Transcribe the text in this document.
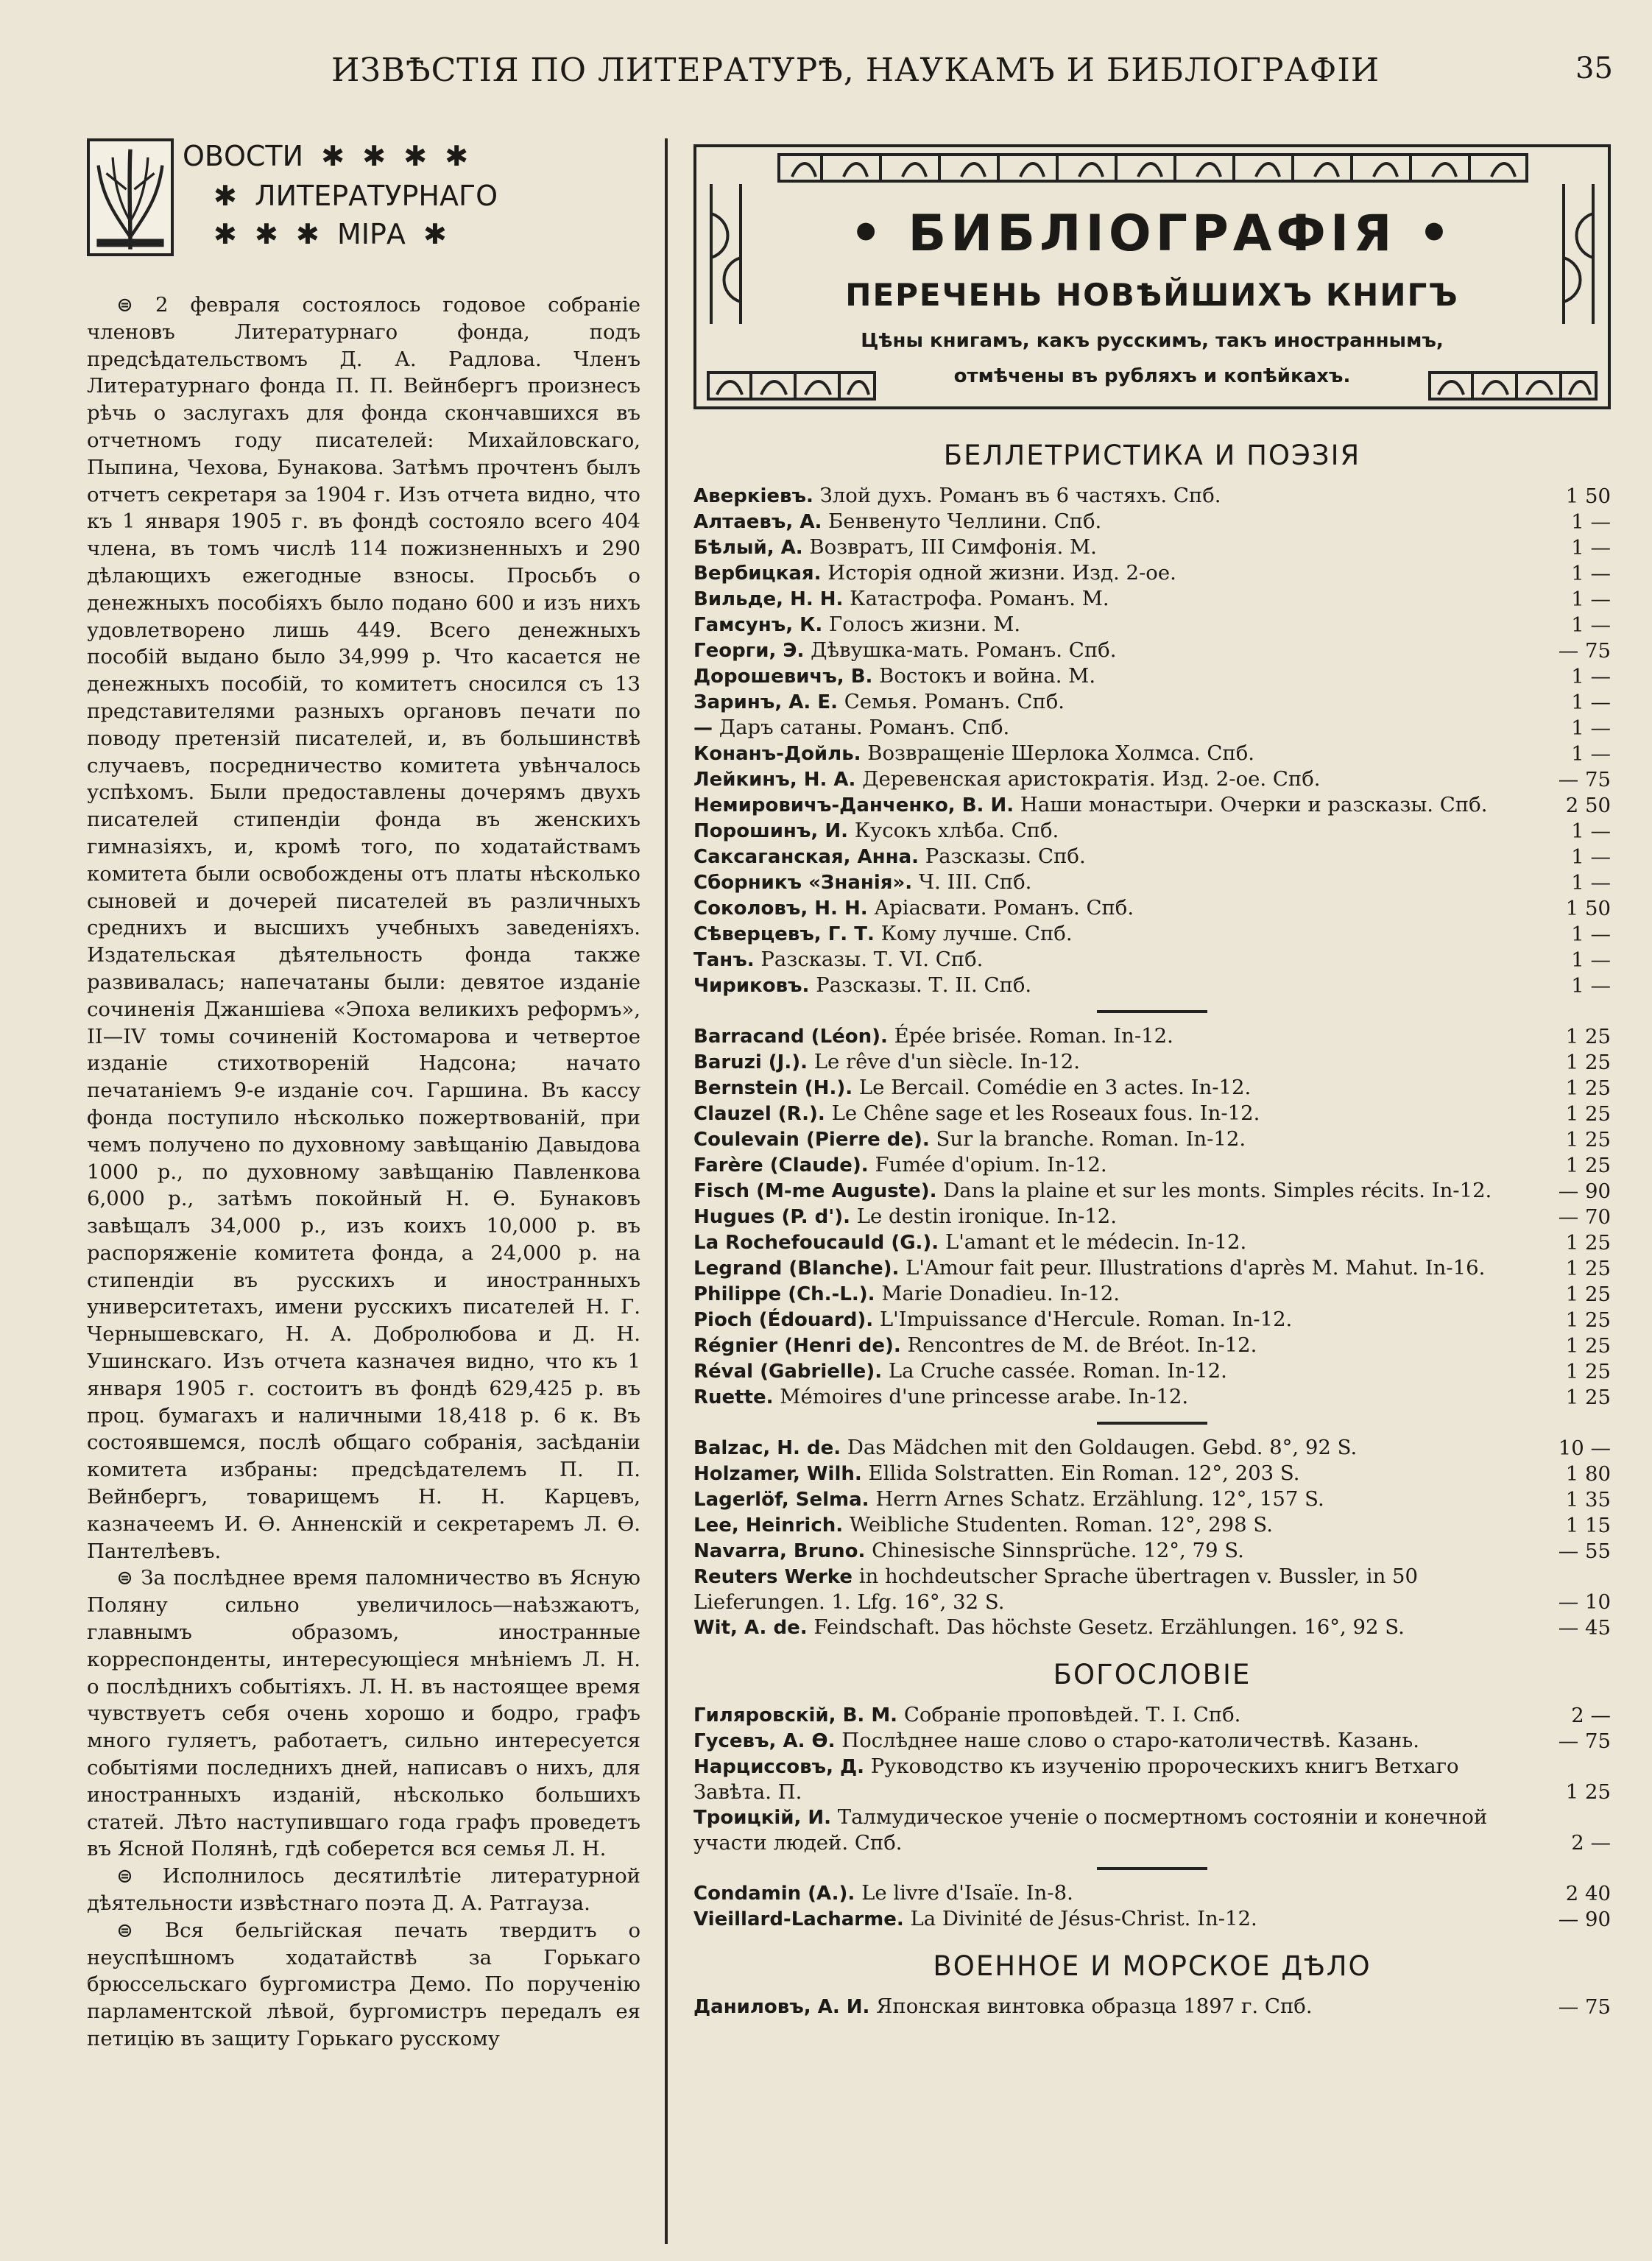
ИЗВѢСТІЯ ПО ЛИТЕРАТУРѢ, НАУКАМЪ И БИБЛОГРАФІИ	35
ОВОСТИ  ✱  ✱  ✱  ✱
✱  ЛИТЕРАТУРНАГО
✱  ✱  ✱  МІРА  ✱

⊜ 2 февраля состоялось годовое собраніе членовъ Литературнаго фонда, подъ предсѣдательствомъ Д. А. Радлова. Членъ Литературнаго фонда П. П. Вейнбергъ произнесъ рѣчь о заслугахъ для фонда скончавшихся въ отчетномъ году писателей: Михайловскаго, Пыпина, Чехова, Бунакова. Затѣмъ прочтенъ былъ отчетъ секретаря за 1904 г. Изъ отчета видно, что къ 1 января 1905 г. въ фондѣ состояло всего 404 члена, въ томъ числѣ 114 пожизненныхъ и 290 дѣлающихъ ежегодные взносы. Просьбъ о денежныхъ пособіяхъ было подано 600 и изъ нихъ удовлетворено лишь 449. Всего денежныхъ пособій выдано было 34,999 р. Что касается не денежныхъ пособій, то комитетъ сносился съ 13 представителями разныхъ органовъ печати по поводу претензій писателей, и, въ большинствѣ случаевъ, посредничество комитета увѣнчалось успѣхомъ. Были предоставлены дочерямъ двухъ писателей стипендіи фонда въ женскихъ гимназіяхъ, и, кромѣ того, по ходатайствамъ комитета были освобождены отъ платы нѣсколько сыновей и дочерей писателей въ различныхъ среднихъ и высшихъ учебныхъ заведеніяхъ. Издательская дѣятельность фонда также развивалась; напечатаны были: девятое изданіе сочиненія Джаншіева «Эпоха великихъ реформъ», II—IV томы сочиненій Костомарова и четвертое изданіе стихотвореній Надсона; начато печатаніемъ 9-е изданіе соч. Гаршина. Въ кассу фонда поступило нѣсколько пожертвованій, при чемъ получено по духовному завѣщанію Давыдова 1000 р., по духовному завѣщанію Павленкова 6,000 р., затѣмъ покойный Н. Ѳ. Бунаковъ завѣщалъ 34,000 р., изъ коихъ 10,000 р. въ распоряженіе комитета фонда, а 24,000 р. на стипендіи въ русскихъ и иностранныхъ университетахъ, имени русскихъ писателей Н. Г. Чернышевскаго, Н. А. Добролюбова и Д. Н. Ушинскаго. Изъ отчета казначея видно, что къ 1 января 1905 г. состоитъ въ фондѣ 629,425 р. въ проц. бумагахъ и наличными 18,418 р. 6 к. Въ состоявшемся, послѣ общаго собранія, засѣданіи комитета избраны: предсѣдателемъ П. П. Вейнбергъ, товарищемъ Н. Н. Карцевъ, казначеемъ И. Ѳ. Анненскій и секретаремъ Л. Ѳ. Пантелѣевъ.

⊜ За послѣднее время паломничество въ Ясную Поляну сильно увеличилось—наѣзжаютъ, главнымъ образомъ, иностранные корреспонденты, интересующіеся мнѣніемъ Л. Н. о послѣднихъ событіяхъ. Л. Н. въ настоящее время чувствуетъ себя очень хорошо и бодро, графъ много гуляетъ, работаетъ, сильно интересуется событіями последнихъ дней, написавъ о нихъ, для иностранныхъ изданій, нѣсколько большихъ статей. Лѣто наступившаго года графъ проведетъ въ Ясной Полянѣ, гдѣ соберется вся семья Л. Н.

⊜ Исполнилось десятилѣтіе литературной дѣятельности извѣстнаго поэта Д. А. Ратгауза.

⊜ Вся бельгійская печать твердитъ о неуспѣшномъ ходатайствѣ за Горькаго брюссельскаго бургомистра Демо. По порученію парламентской лѣвой, бургомистръ передалъ ея петицію въ защиту Горькаго русскому

• БИБЛІОГРАФІЯ •
ПЕРЕЧЕНЬ НОВѢЙШИХЪ КНИГЪ
Цѣны книгамъ, какъ русскимъ, такъ иностраннымъ,
отмѣчены въ рубляхъ и копѣйкахъ.
БЕЛЛЕТРИСТИКА И ПОЭЗІЯ
Аверкіевъ. Злой духъ. Романъ въ 6 частяхъ. Спб.	1 50
Алтаевъ, А. Бенвенуто Челлини. Спб.	1 —
Бѣлый, А. Возвратъ, III Симфонія. М.	1 —
Вербицкая. Исторія одной жизни. Изд. 2-ое.	1 —
Вильде, Н. Н. Катастрофа. Романъ. М.	1 —
Гамсунъ, К. Голосъ жизни. М.	1 —
Георги, Э. Дѣвушка-мать. Романъ. Спб.	— 75
Дорошевичъ, В. Востокъ и война. М.	1 —
Заринъ, А. Е. Семья. Романъ. Спб.	1 —
— Даръ сатаны. Романъ. Спб.	1 —
Конанъ-Дойль. Возвращеніе Шерлока Холмса. Спб.	1 —
Лейкинъ, Н. А. Деревенская аристократія. Изд. 2-ое. Спб.	— 75
Немировичъ-Данченко, В. И. Наши монастыри. Очерки и разсказы. Спб.	2 50
Порошинъ, И. Кусокъ хлѣба. Спб.	1 —
Саксаганская, Анна. Разсказы. Спб.	1 —
Сборникъ «Знанія». Ч. III. Спб.	1 —
Соколовъ, Н. Н. Аріасвати. Романъ. Спб.	1 50
Сѣверцевъ, Г. Т. Кому лучше. Спб.	1 —
Танъ. Разсказы. Т. VI. Спб.	1 —
Чириковъ. Разсказы. Т. II. Спб.	1 —
Barracand (Léon). Épée brisée. Roman. In-12.	1 25
Baruzi (J.). Le rêve d'un siècle. In-12.	1 25
Bernstein (H.). Le Bercail. Comédie en 3 actes. In-12.	1 25
Clauzel (R.). Le Chêne sage et les Roseaux fous. In-12.	1 25
Coulevain (Pierre de). Sur la branche. Roman. In-12.	1 25
Farère (Claude). Fumée d'opium. In-12.	1 25
Fisch (M-me Auguste). Dans la plaine et sur les monts. Simples récits. In-12.	— 90
Hugues (P. d'). Le destin ironique. In-12.	— 70
La Rochefoucauld (G.). L'amant et le médecin. In-12.	1 25
Legrand (Blanche). L'Amour fait peur. Illustrations d'après M. Mahut. In-16.	1 25
Philippe (Ch.-L.). Marie Donadieu. In-12.	1 25
Pioch (Édouard). L'Impuissance d'Hercule. Roman. In-12.	1 25
Régnier (Henri de). Rencontres de M. de Bréot. In-12.	1 25
Réval (Gabrielle). La Cruche cassée. Roman. In-12.	1 25
Ruette. Mémoires d'une princesse arabe. In-12.	1 25
Balzac, H. de. Das Mädchen mit den Goldaugen. Gebd. 8°, 92 S.	10 —
Holzamer, Wilh. Ellida Solstratten. Ein Roman. 12°, 203 S.	1 80
Lagerlöf, Selma. Herrn Arnes Schatz. Erzählung. 12°, 157 S.	1 35
Lee, Heinrich. Weibliche Studenten. Roman. 12°, 298 S.	1 15
Navarra, Bruno. Chinesische Sinnsprüche. 12°, 79 S.	— 55
Reuters Werke in hochdeutscher Sprache übertragen v. Bussler, in 50 Lieferungen. 1. Lfg. 16°, 32 S.	— 10
Wit, A. de. Feindschaft. Das höchste Gesetz. Erzählungen. 16°, 92 S.	— 45
БОГОСЛОВІЕ
Гиляровскій, В. М. Собраніе проповѣдей. Т. I. Спб.	2 —
Гусевъ, А. Ѳ. Послѣднее наше слово о старо-католичествѣ. Казань.	— 75
Нарциссовъ, Д. Руководство къ изученію пророческихъ книгъ Ветхаго Завѣта. П.	1 25
Троицкій, И. Талмудическое ученіе о посмертномъ состояніи и конечной участи людей. Спб.	2 —
Condamin (A.). Le livre d'Isaïe. In-8.	2 40
Vieillard-Lacharme. La Divinité de Jésus-Christ. In-12.	— 90
ВОЕННОЕ И МОРСКОЕ ДѢЛО
Даниловъ, А. И. Японская винтовка образца 1897 г. Спб.	— 75
